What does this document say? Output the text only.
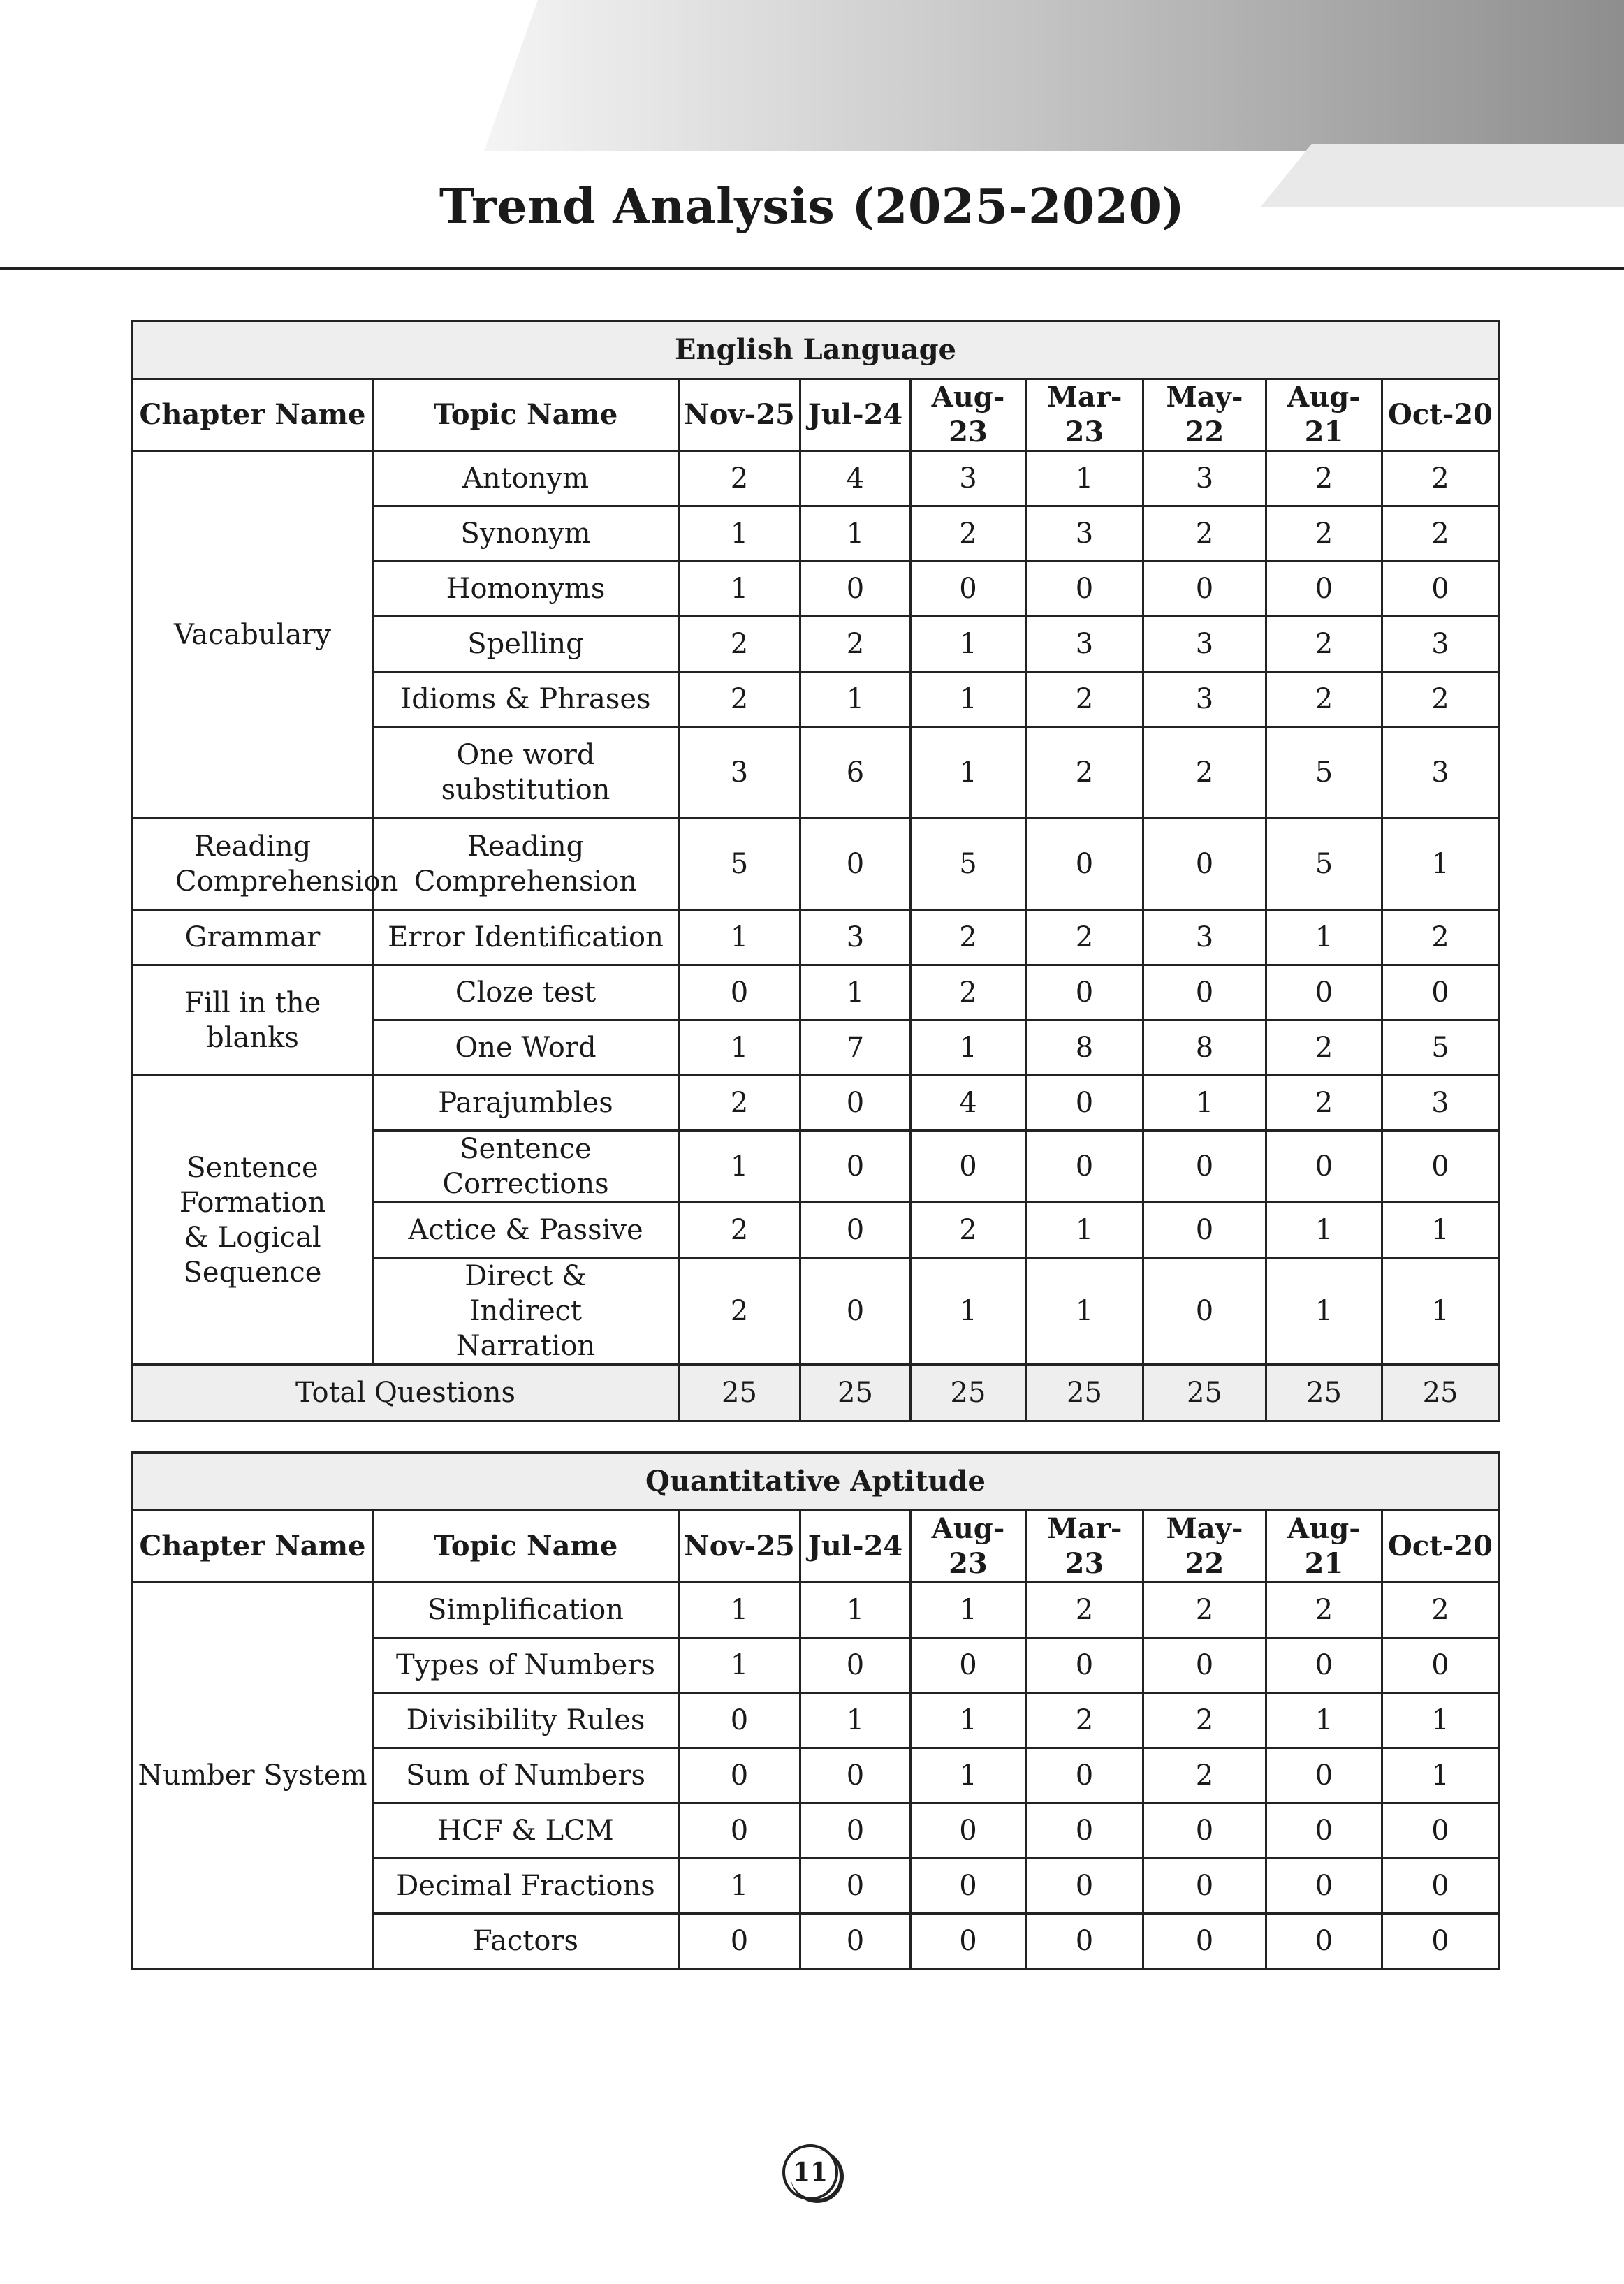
Trend Analysis (2025-2020)
English Language								
Chapter Name	Topic Name	Nov-25	Jul-24	Aug-23	Mar-23	May-22	Aug-21	Oct-20
Vacabulary	Antonym	2	4	3	1	3	2	2
	Synonym	1	1	2	3	2	2	2
	Homonyms	1	0	0	0	0	0	0
	Spelling	2	2	1	3	3	2	3
	Idioms & Phrases	2	1	1	2	3	2	2
	One word substitution	3	6	1	2	2	5	3
Reading Comprehension	Reading Comprehension	5	0	5	0	0	5	1
Grammar	Error Identification	1	3	2	2	3	1	2
Fill in the blanks	Cloze test	0	1	2	0	0	0	0
	One Word	1	7	1	8	8	2	5
Sentence Formation & Logical Sequence	Parajumbles	2	0	4	0	1	2	3
	Sentence Corrections	1	0	0	0	0	0	0
	Actice & Passive	2	0	2	1	0	1	1
	Direct & Indirect Narration	2	0	1	1	0	1	1
Total Questions		25	25	25	25	25	25	25
Quantitative Aptitude								
Chapter Name	Topic Name	Nov-25	Jul-24	Aug-23	Mar-23	May-22	Aug-21	Oct-20
Number System	Simplification	1	1	1	2	2	2	2
	Types of Numbers	1	0	0	0	0	0	0
	Divisibility Rules	0	1	1	2	2	1	1
	Sum of Numbers	0	0	1	0	2	0	1
	HCF & LCM	0	0	0	0	0	0	0
	Decimal Fractions	1	0	0	0	0	0	0
	Factors	0	0	0	0	0	0	0
11
